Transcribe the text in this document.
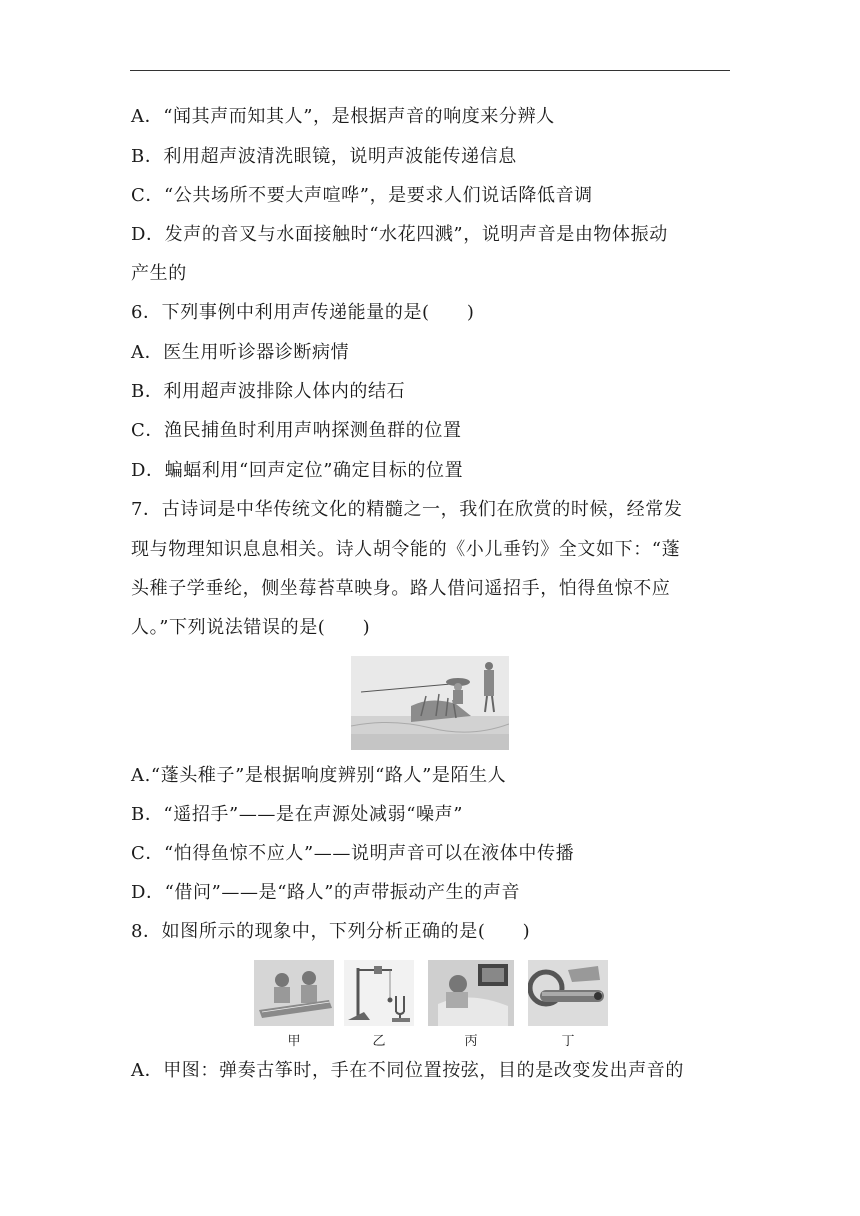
A．“闻其声而知其人”，是根据声音的响度来分辨人
B．利用超声波清洗眼镜，说明声波能传递信息
C．“公共场所不要大声喧哗”，是要求人们说话降低音调
D．发声的音叉与水面接触时“水花四溅”，说明声音是由物体振动
产生的
6．下列事例中利用声传递能量的是(　　)
A．医生用听诊器诊断病情
B．利用超声波排除人体内的结石
C．渔民捕鱼时利用声呐探测鱼群的位置
D．蝙蝠利用“回声定位”确定目标的位置
7．古诗词是中华传统文化的精髓之一，我们在欣赏的时候，经常发
现与物理知识息息相关。诗人胡令能的《小儿垂钓》全文如下：“蓬
头稚子学垂纶，侧坐莓苔草映身。路人借问遥招手，怕得鱼惊不应
人。”下列说法错误的是(　　)
A.“蓬头稚子”是根据响度辨别“路人”是陌生人
B．“遥招手”——是在声源处减弱“噪声”
C．“怕得鱼惊不应人”——说明声音可以在液体中传播
D．“借问”——是“路人”的声带振动产生的声音
8．如图所示的现象中，下列分析正确的是(　　)
甲	乙	丙	丁
A．甲图：弹奏古筝时，手在不同位置按弦，目的是改变发出声音的
